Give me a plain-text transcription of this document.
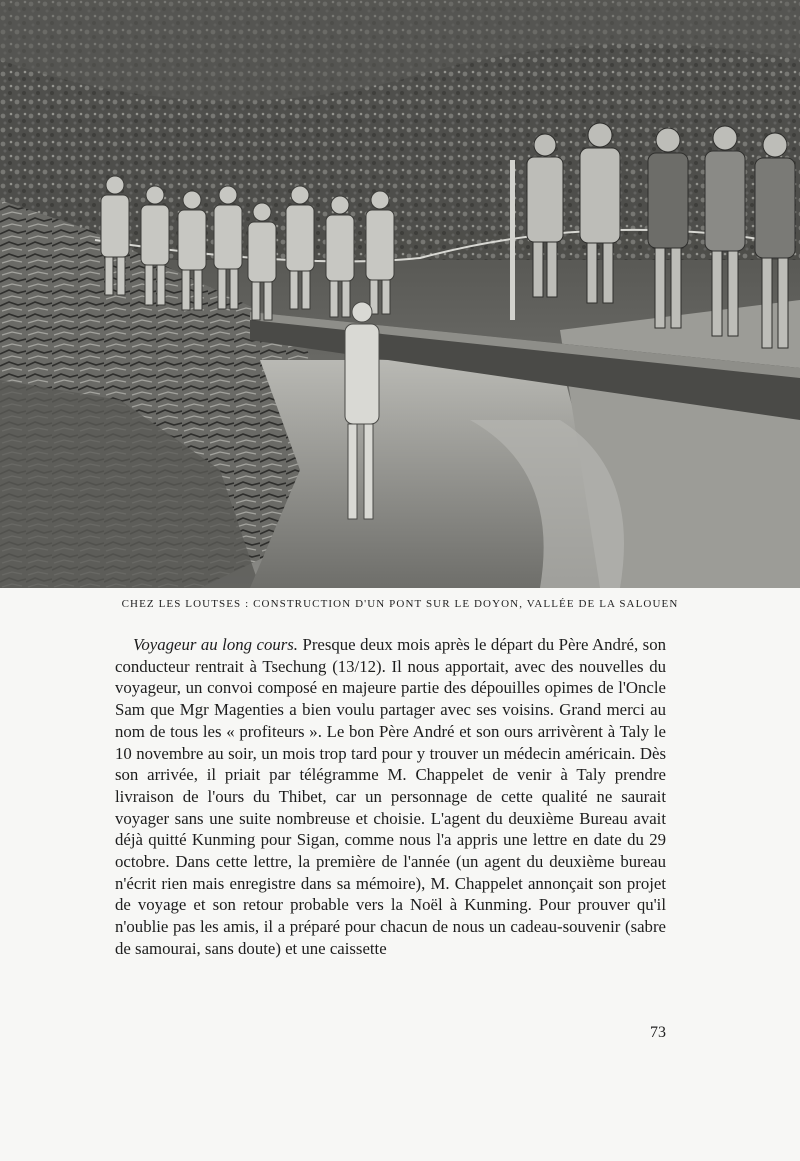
CHEZ LES LOUTSES : CONSTRUCTION D'UN PONT SUR LE DOYON, VALLÉE DE LA SALOUEN

Voyageur au long cours. Presque deux mois après le départ du Père André, son conducteur rentrait à Tsechung (13/12). Il nous apportait, avec des nouvelles du voyageur, un convoi composé en majeure partie des dépouilles opimes de l'Oncle Sam que Mgr Magenties a bien voulu partager avec ses voisins. Grand merci au nom de tous les « profiteurs ». Le bon Père André et son ours arrivèrent à Taly le 10 novembre au soir, un mois trop tard pour y trouver un médecin américain. Dès son arrivée, il priait par télégramme M. Chappelet de venir à Taly prendre livraison de l'ours du Thibet, car un personnage de cette qualité ne saurait voyager sans une suite nombreuse et choisie. L'agent du deuxième Bureau avait déjà quitté Kunming pour Sigan, comme nous l'a appris une lettre en date du 29 octobre. Dans cette lettre, la première de l'année (un agent du deuxième bureau n'écrit rien mais enregistre dans sa mémoire), M. Chappelet annonçait son projet de voyage et son retour probable vers la Noël à Kunming. Pour prouver qu'il n'oublie pas les amis, il a préparé pour chacun de nous un cadeau-souvenir (sabre de samourai, sans doute) et une caissette

73
